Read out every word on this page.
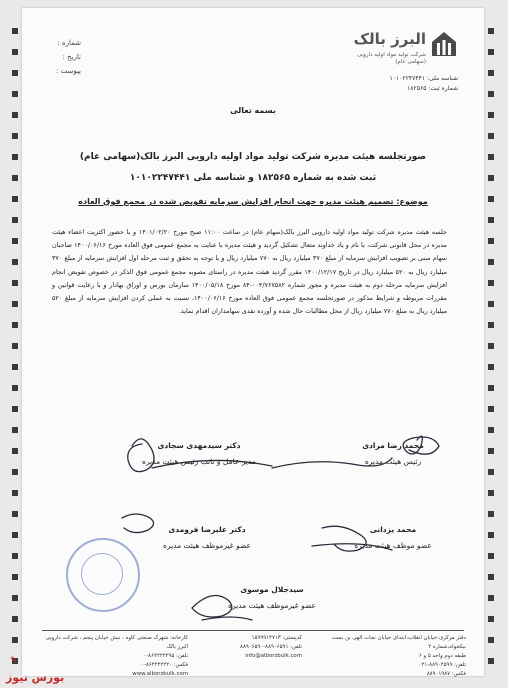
البرز بالک
شرکت تولید مواد اولیه دارویی
(سهامی عام)
شناسه ملی: ۱۰۱۰۲۲۴۷۴۴۱
شماره ثبت: ۱۸۲۵۶۵
شماره :
تاریخ :
پیوست :
بسمه تعالی
صورتجلسه هیئت مدیره شرکت تولید مواد اولیه دارویی البرز بالک(سهامی عام)
ثبت شده به شماره ۱۸۲۵۶۵ و شناسه ملی ۱۰۱۰۲۲۴۷۴۴۱
موضوع: تصمیم هیئت مدیره جهت انجام افزایش سرمایه تفویض شده در مجمع فوق العاده
جلسه هیئت مدیره شرکت تولید مواد اولیه دارویی البرز بالک(سهام عام) در ساعت ۱۱:۰۰ صبح مورخ ۱۴۰۱/۰۲/۲۰ و با حضور اکثریت اعضاء هیئت مدیره در محل قانونی شرکت، با نام و یاد خداوند متعال تشکیل گردید و هیئت مدیره با عنایت به مجمع عمومی فوق العاده مورخ ۱۴۰۰/۰۶/۱۶ صاحبان سهام مبنی بر تصویب افزایش سرمایه از مبلغ ۳۷۰ میلیارد ریال به ۷۷۰ میلیارد ریال و با توجه به تحقق و ثبت مرحله اول افزایش سرمایه از مبلغ ۳۷۰ میلیارد ریال به ۵۲۰ میلیارد ریال در تاریخ ۱۴۰۰/۱۲/۱۷ مقرر گردید هیئت مدیره در راستای مصوبه مجمع عمومی فوق الذکر در خصوص تفویض انجام افزایش سرمایه مرحله دوم به هیئت مدیره و مجوز شماره ۰۰۴/۷۶۷۵۸۲-۸۴ مورخ ۱۴۰۰/۰۵/۱۸ سازمان بورس و اوراق بهادار و با رعایت قوانین و مقررات مربوطه و شرایط مذکور در صورتجلسه مجمع عمومی فوق العاده مورخ ۱۴۰۰/۰۶/۱۶، نسبت به عملی کردن افزایش سرمایه از مبلغ ۵۲۰ میلیارد ریال به مبلغ ۷۷۰ میلیارد ریال از محل مطالبات حال شده و آورده نقدی سهامداران اقدام نماید.
محمد رضا مرادی
رئیس هیئت مدیره
دکتر سیدمهدی سجادی
مدیر عامل و نائب رئیس هیئت مدیره
محمد یزدانی
عضو موظف هیئت مدیره
دکتر علیرضا فرومدی
عضو غیرموظف هیئت مدیره
سیدجلال موسوی
عضو غیرموظف هیئت مدیره
دفتر مرکزی:خیابان انقلاب،ابتدای خیابان نجات الهی بن بست نیکخواه،شماره ۲
طبقه دوم واحد ۵ و ۶
تلفن: ۸۸۹۰۴۵۹۹-۰۲۱
فکس: ۸۸۹۰۱۹۸۷
کدپستی: ۱۵۹۹۹۱۴۷۱۳
تلفن: ۸۸۹۰۶۵۹۱-۸۸۹۰۶۵۹۰
info@alborzbulk.com
کارخانه: شهرک صنعتی کاوه ، نبش خیابان پنجم ، شرکت دارویی البرز بالک
تلفن: ۸۶۴۲۲۴۲۹۵-۰
فکس: ۸۶۴۲۴۲۲۲۰-۰
www.alborzbulk.com
✎
بورس نیوز
